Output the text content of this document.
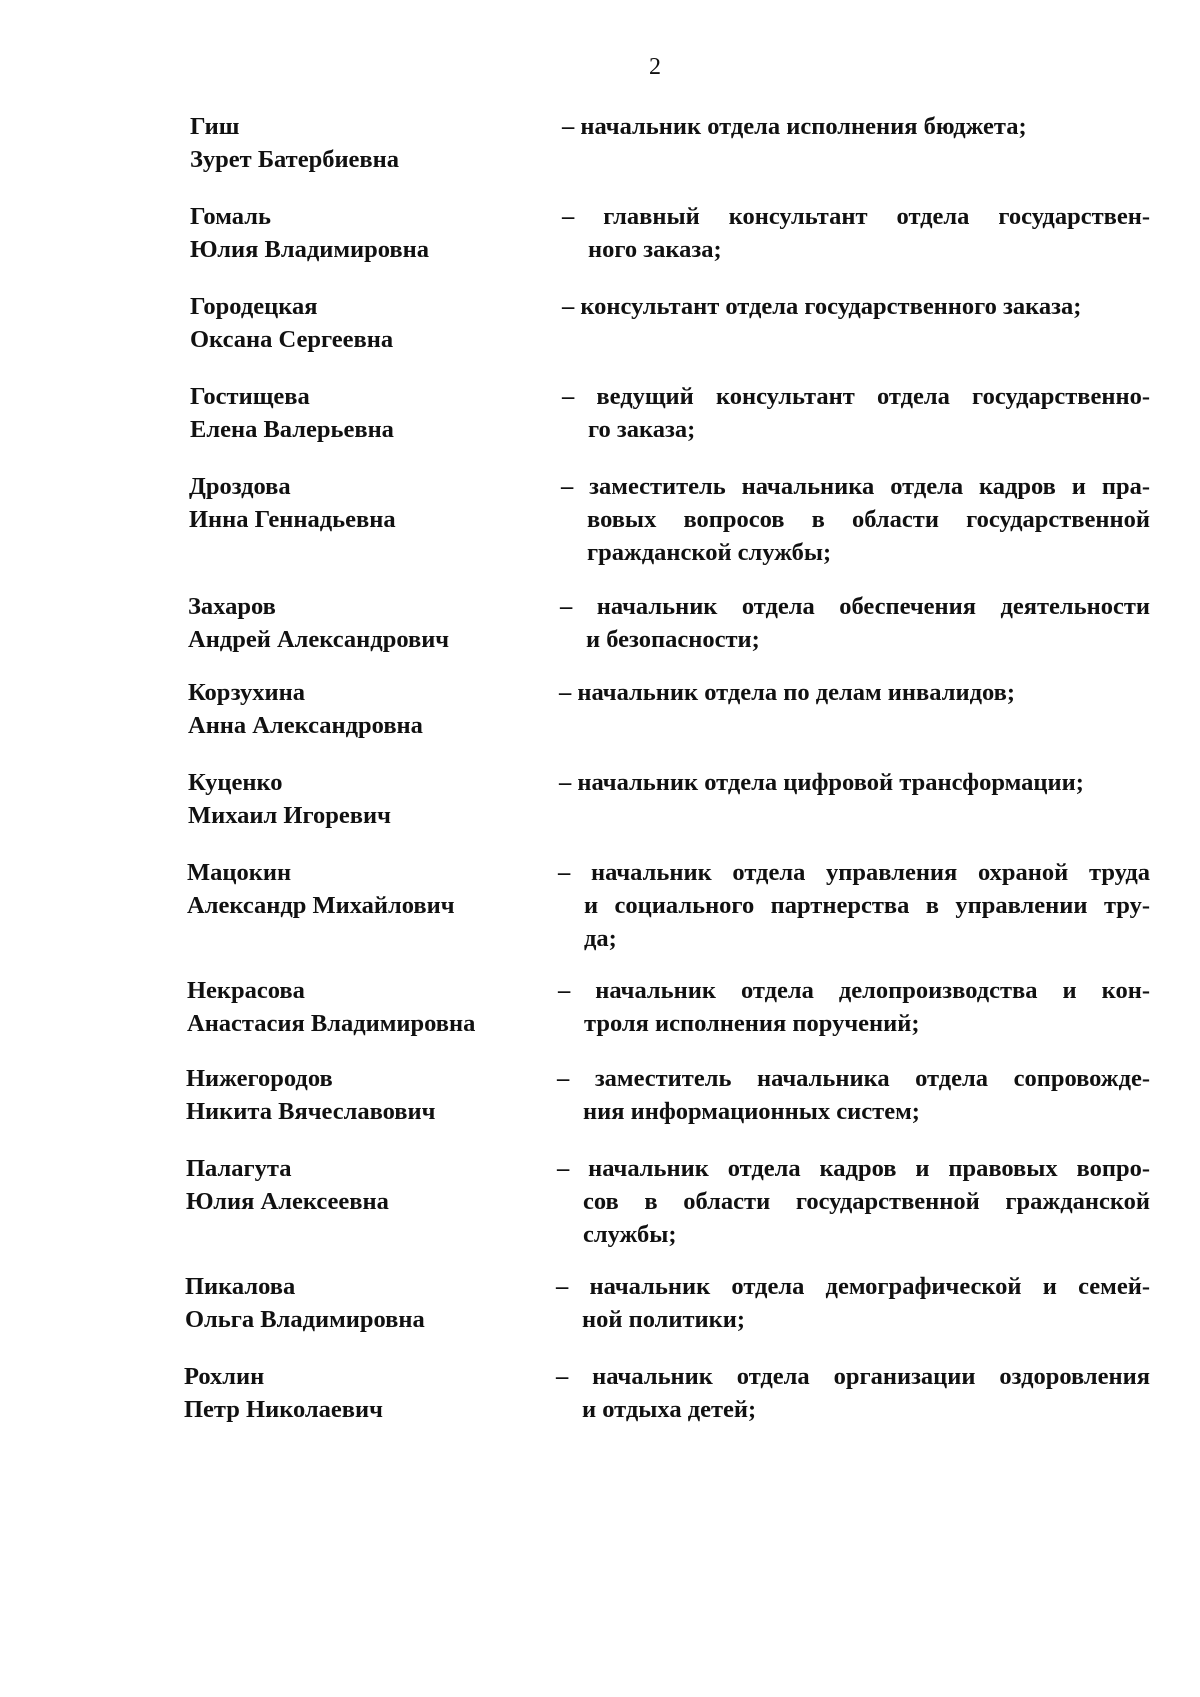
2
Гиш
Зурет Батербиевна
– начальник отдела исполнения бюджета;
Гомаль
Юлия Владимировна
– главный консультант отдела государствен-
ного заказа;
Городецкая
Оксана Сергеевна
– консультант отдела государственного заказа;
Гостищева
Елена Валерьевна
– ведущий консультант отдела государственно-
го заказа;
Дроздова
Инна Геннадьевна
– заместитель начальника отдела кадров и пра-
вовых вопросов в области государственной
гражданской службы;
Захаров
Андрей Александрович
– начальник отдела обеспечения деятельности
и безопасности;
Корзухина
Анна Александровна
– начальник отдела по делам инвалидов;
Куценко
Михаил Игоревич
– начальник отдела цифровой трансформации;
Мацокин
Александр Михайлович
– начальник отдела управления охраной труда
и социального партнерства в управлении тру-
да;
Некрасова
Анастасия Владимировна
– начальник отдела делопроизводства и кон-
троля исполнения поручений;
Нижегородов
Никита Вячеславович
– заместитель начальника отдела сопровожде-
ния информационных систем;
Палагута
Юлия Алексеевна
– начальник отдела кадров и правовых вопро-
сов в области государственной гражданской
службы;
Пикалова
Ольга Владимировна
– начальник отдела демографической и семей-
ной политики;
Рохлин
Петр Николаевич
– начальник отдела организации оздоровления
и отдыха детей;
